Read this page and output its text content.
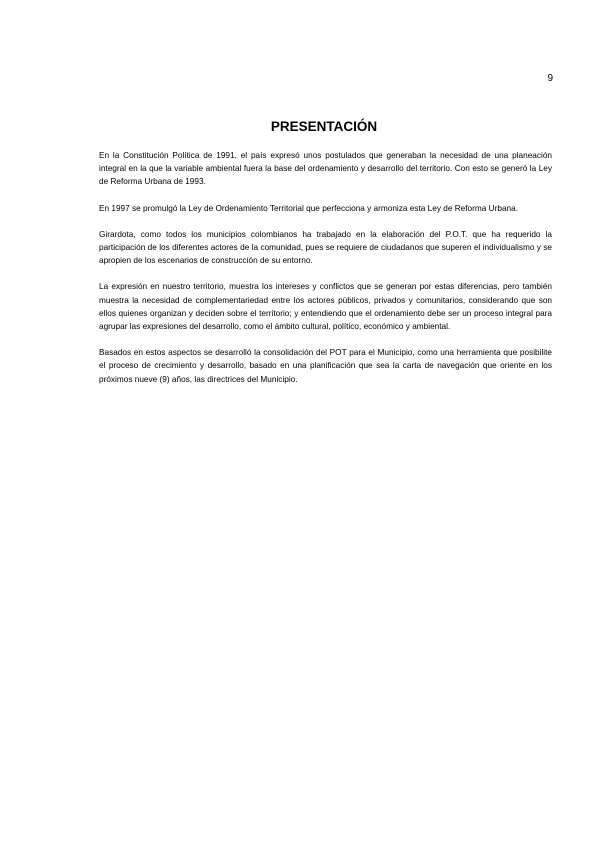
9
PRESENTACIÓN

En la Constitución Política de 1991, el país expresó unos postulados que generaban la necesidad de una planeación integral en la que la variable ambiental fuera la base del ordenamiento y desarrollo del territorio. Con esto se generó la Ley de Reforma Urbana de 1993.

En 1997 se promulgó la Ley de Ordenamiento Territorial que perfecciona y armoniza esta Ley de Reforma Urbana.

Girardota, como todos los municipios colombianos ha trabajado en la elaboración del P.O.T. que ha requerido la participación de los diferentes actores de la comunidad, pues se requiere de ciudadanos que superen el individualismo y se apropien de los escenarios de construcción de su entorno.

La expresión en nuestro territorio, muestra los intereses y conflictos que se generan por estas diferencias, pero también muestra la necesidad de complementariedad entre los actores públicos, privados y comunitarios, considerando que son ellos quienes organizan y deciden sobre el territorio; y entendiendo que el ordenamiento debe ser un proceso integral para agrupar las expresiones del desarrollo, como el ámbito cultural, político, económico y ambiental.

Basados en estos aspectos se desarrolló la consolidación del POT para el Municipio, como una herramienta que posibilite el proceso de crecimiento y desarrollo, basado en una planificación que sea la carta de navegación que oriente en los próximos nueve (9) años, las directrices del Municipio.
